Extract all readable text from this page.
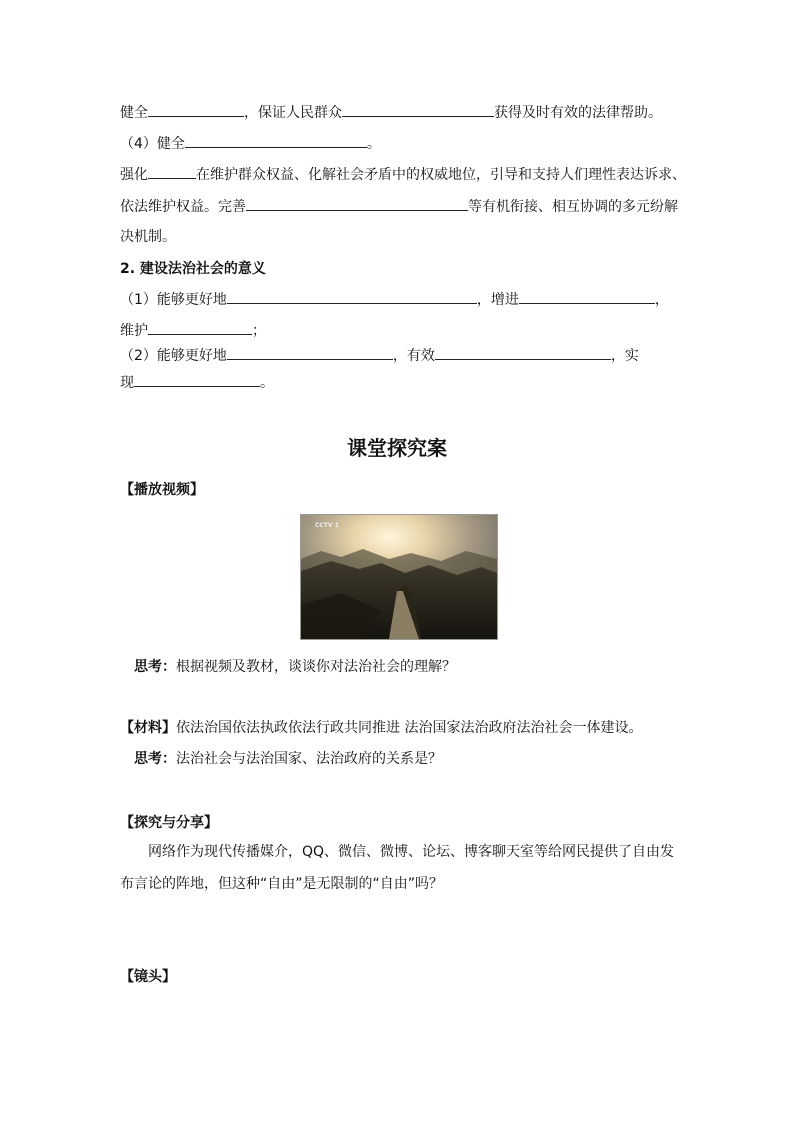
健全	，保证人民群众	获得及时有效的法律帮助。
（4）健全	。
强化	在维护群众权益、化解社会矛盾中的权威地位，引导和支持人们理性表达诉求、
依法维护权益。完善	等有机衔接、相互协调的多元纷解
决机制。
2. 建设法治社会的意义
（1）能够更好地	，增进	，
维护	；
（2）能够更好地	，有效	，实
现	。
课堂探究案
【播放视频】
CCTV 1
思考：根据视频及教材，谈谈你对法治社会的理解？
【材料】依法治国依法执政依法行政共同推进 法治国家法治政府法治社会一体建设。
思考：法治社会与法治国家、法治政府的关系是？
【探究与分享】
网络作为现代传播媒介，QQ、微信、微博、论坛、博客聊天室等给网民提供了自由发
布言论的阵地，但这种“自由”是无限制的“自由”吗？
【镜头】
